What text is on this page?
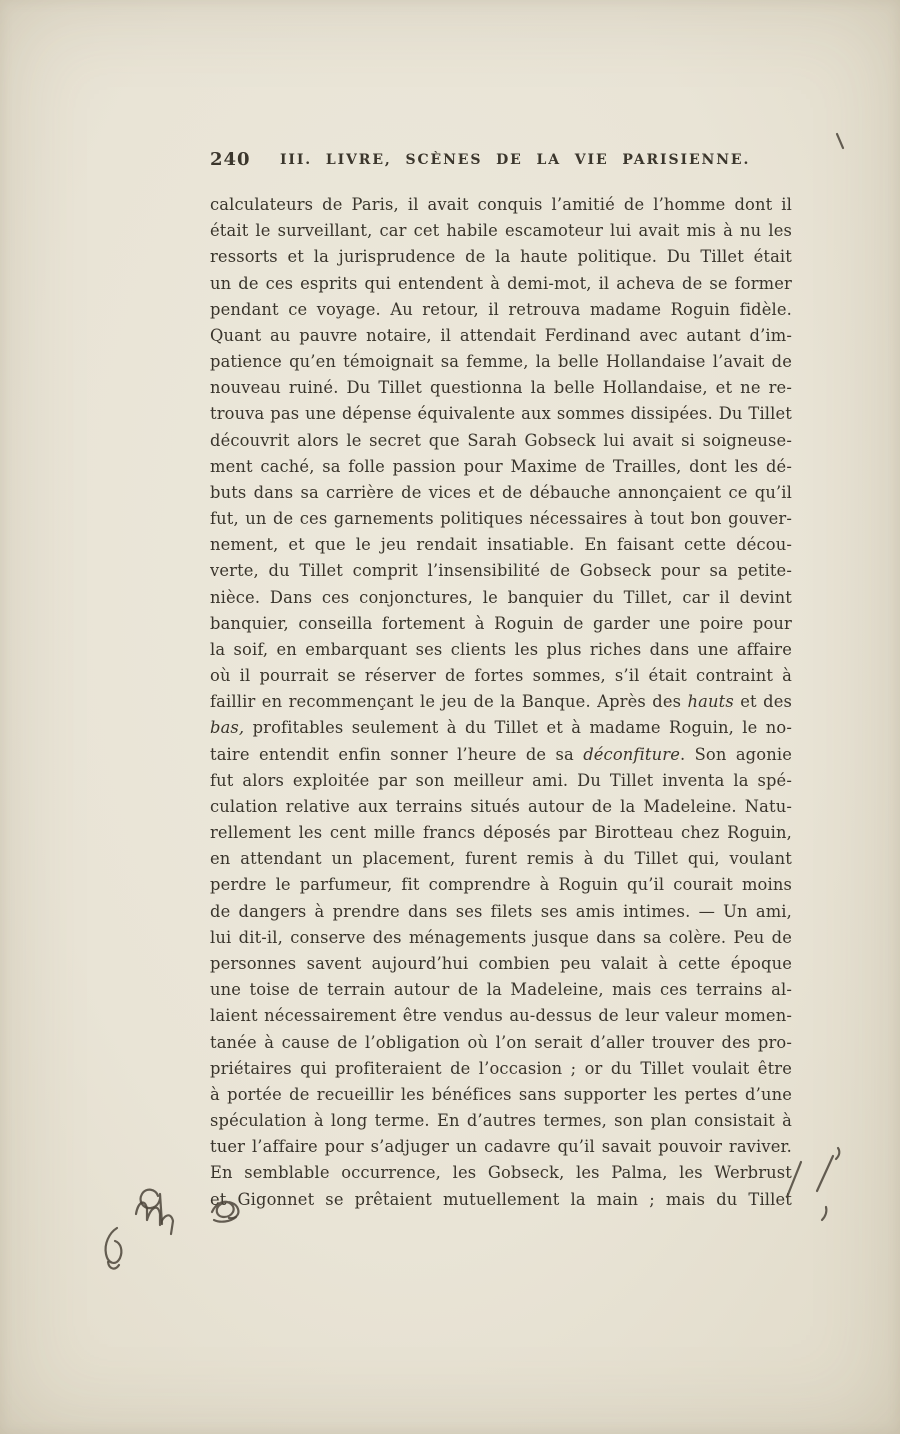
240 III. LIVRE, SCÈNES DE LA VIE PARISIENNE.
calculateurs de Paris, il avait conquis l’amitié de l’homme dont il
était le surveillant, car cet habile escamoteur lui avait mis à nu les
ressorts et la jurisprudence de la haute politique. Du Tillet était
un de ces esprits qui entendent à demi-mot, il acheva de se former
pendant ce voyage. Au retour, il retrouva madame Roguin fidèle.
Quant au pauvre notaire, il attendait Ferdinand avec autant d’im-
patience qu’en témoignait sa femme, la belle Hollandaise l’avait de
nouveau ruiné. Du Tillet questionna la belle Hollandaise, et ne re-
trouva pas une dépense équivalente aux sommes dissipées. Du Tillet
découvrit alors le secret que Sarah Gobseck lui avait si soigneuse-
ment caché, sa folle passion pour Maxime de Trailles, dont les dé-
buts dans sa carrière de vices et de débauche annonçaient ce qu’il
fut, un de ces garnements politiques nécessaires à tout bon gouver-
nement, et que le jeu rendait insatiable. En faisant cette décou-
verte, du Tillet comprit l’insensibilité de Gobseck pour sa petite-
nièce. Dans ces conjonctures, le banquier du Tillet, car il devint
banquier, conseilla fortement à Roguin de garder une poire pour
la soif, en embarquant ses clients les plus riches dans une affaire
où il pourrait se réserver de fortes sommes, s’il était contraint à
faillir en recommençant le jeu de la Banque. Après des hauts et des
bas, profitables seulement à du Tillet et à madame Roguin, le no-
taire entendit enfin sonner l’heure de sa déconfiture. Son agonie
fut alors exploitée par son meilleur ami. Du Tillet inventa la spé-
culation relative aux terrains situés autour de la Madeleine. Natu-
rellement les cent mille francs déposés par Birotteau chez Roguin,
en attendant un placement, furent remis à du Tillet qui, voulant
perdre le parfumeur, fit comprendre à Roguin qu’il courait moins
de dangers à prendre dans ses filets ses amis intimes. — Un ami,
lui dit-il, conserve des ménagements jusque dans sa colère. Peu de
personnes savent aujourd’hui combien peu valait à cette époque
une toise de terrain autour de la Madeleine, mais ces terrains al-
laient nécessairement être vendus au-dessus de leur valeur momen-
tanée à cause de l’obligation où l’on serait d’aller trouver des pro-
priétaires qui profiteraient de l’occasion ; or du Tillet voulait être
à portée de recueillir les bénéfices sans supporter les pertes d’une
spéculation à long terme. En d’autres termes, son plan consistait à
tuer l’affaire pour s’adjuger un cadavre qu’il savait pouvoir raviver.
En semblable occurrence, les Gobseck, les Palma, les Werbrust
et Gigonnet se prêtaient mutuellement la main ; mais du Tillet
